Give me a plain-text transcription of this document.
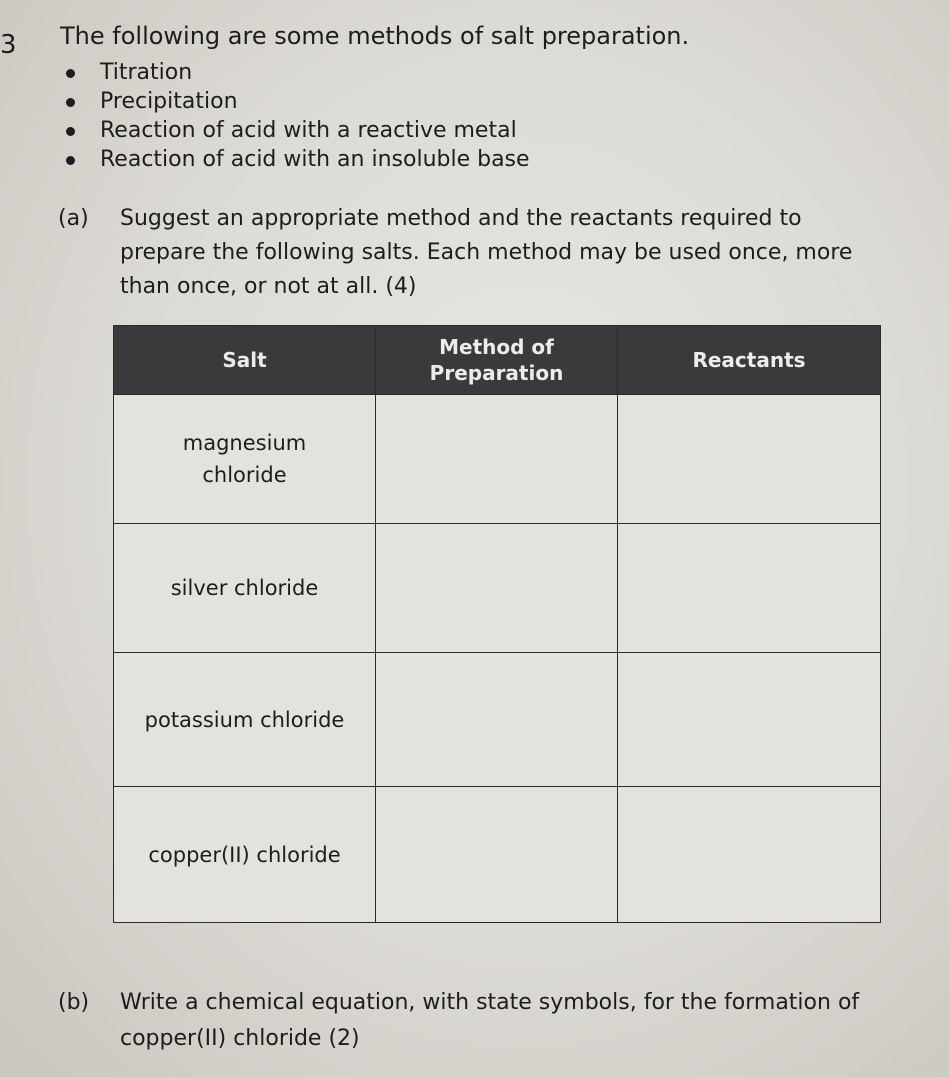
3 The following are some methods of salt preparation.
Titration
Precipitation
Reaction of acid with a reactive metal
Reaction of acid with an insoluble base
(a) Suggest an appropriate method and the reactants required to prepare the following salts. Each method may be used once, more than once, or not at all. (4)
Salt	Method of Preparation	Reactants
magnesium chloride		
silver chloride		
potassium chloride		
copper(II) chloride		
(b) Write a chemical equation, with state symbols, for the formation of copper(II) chloride (2)
